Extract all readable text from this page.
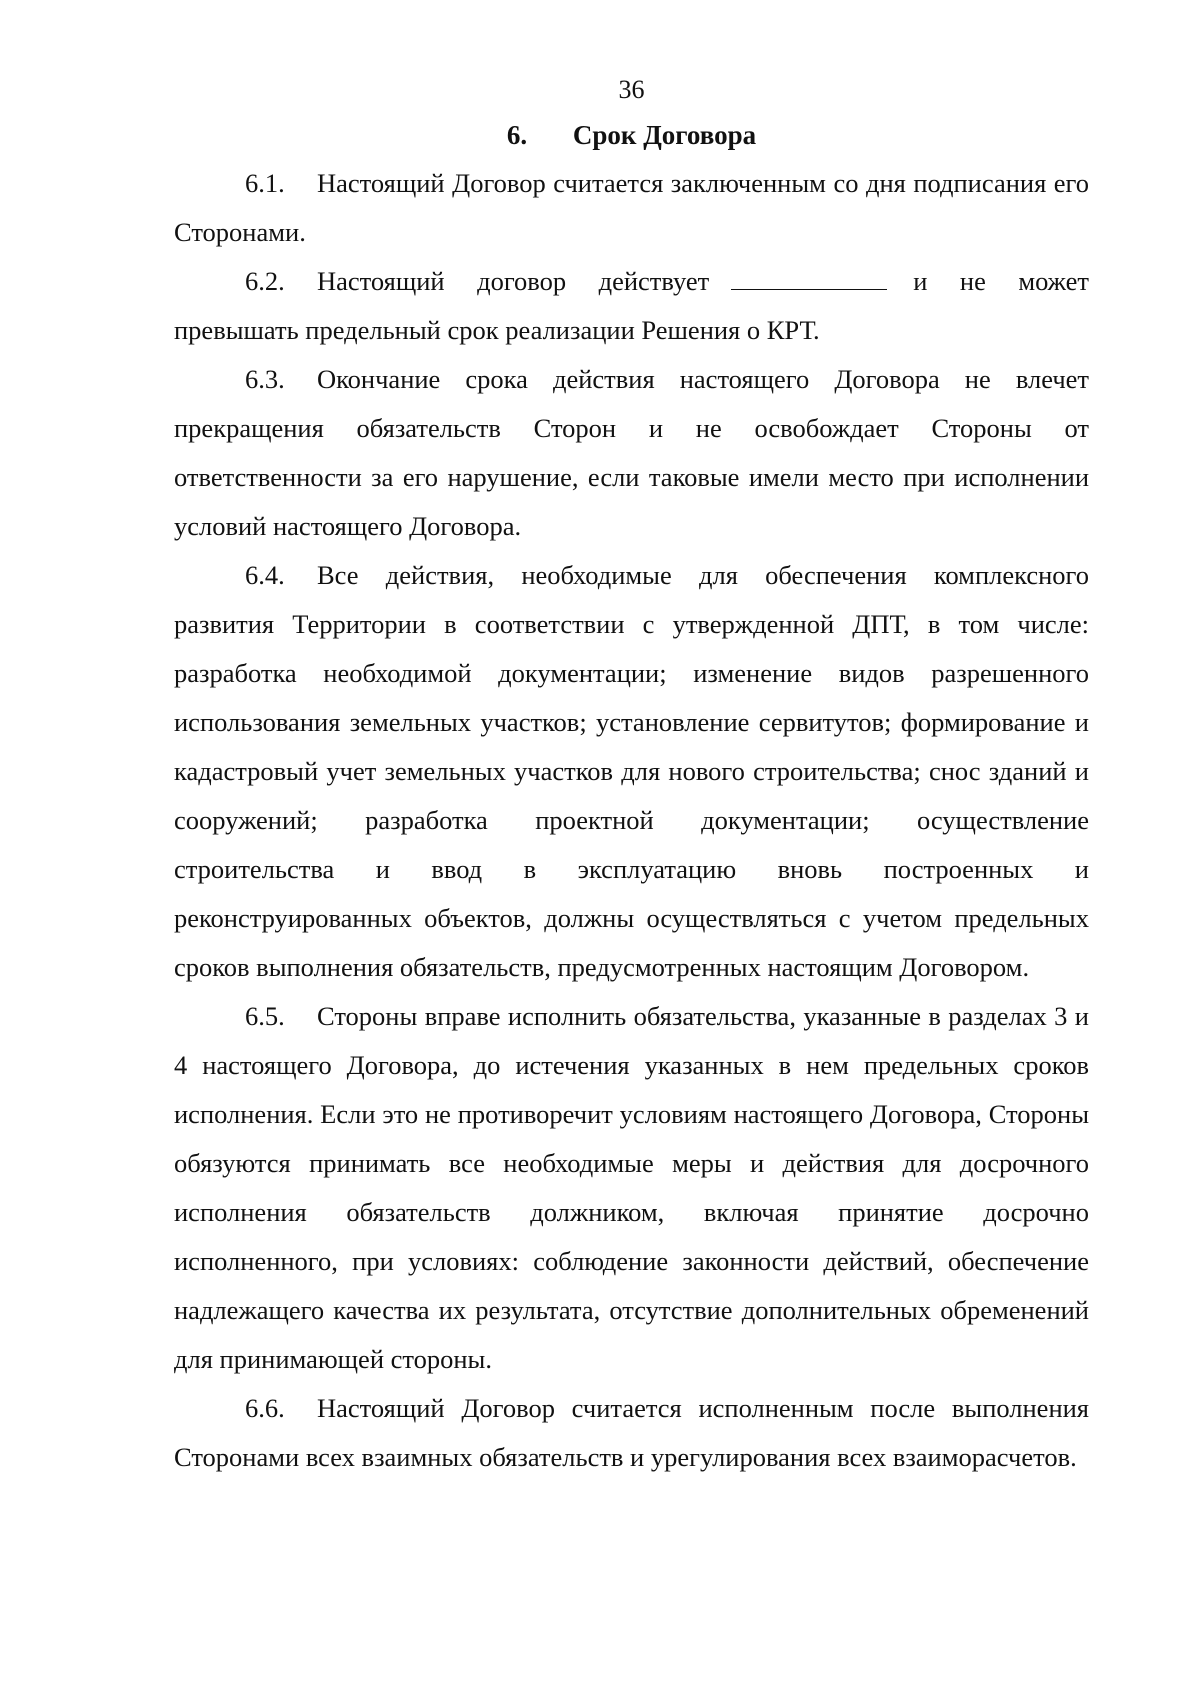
36
6. Срок Договора

6.1. Настоящий Договор считается заключенным со дня подписания его Сторонами.

6.2. Настоящий договор действует	и не может превышать предельный срок реализации Решения о КРТ.

6.3. Окончание срока действия настоящего Договора не влечет прекращения обязательств Сторон и не освобождает Стороны от ответственности за его нарушение, если таковые имели место при исполнении условий настоящего Договора.

6.4. Все действия, необходимые для обеспечения комплексного развития Территории в соответствии с утвержденной ДПТ, в том числе: разработка необходимой документации; изменение видов разрешенного использования земельных участков; установление сервитутов; формирование и кадастровый учет земельных участков для нового строительства; снос зданий и сооружений; разработка проектной документации; осуществление строительства и ввод в эксплуатацию вновь построенных и реконструированных объектов, должны осуществляться с учетом предельных сроков выполнения обязательств, предусмотренных настоящим Договором.

6.5. Стороны вправе исполнить обязательства, указанные в разделах 3 и 4 настоящего Договора, до истечения указанных в нем предельных сроков исполнения. Если это не противоречит условиям настоящего Договора, Стороны обязуются принимать все необходимые меры и действия для досрочного исполнения обязательств должником, включая принятие досрочно исполненного, при условиях: соблюдение законности действий, обеспечение надлежащего качества их результата, отсутствие дополнительных обременений для принимающей стороны.

6.6. Настоящий Договор считается исполненным после выполнения Сторонами всех взаимных обязательств и урегулирования всех взаиморасчетов.
